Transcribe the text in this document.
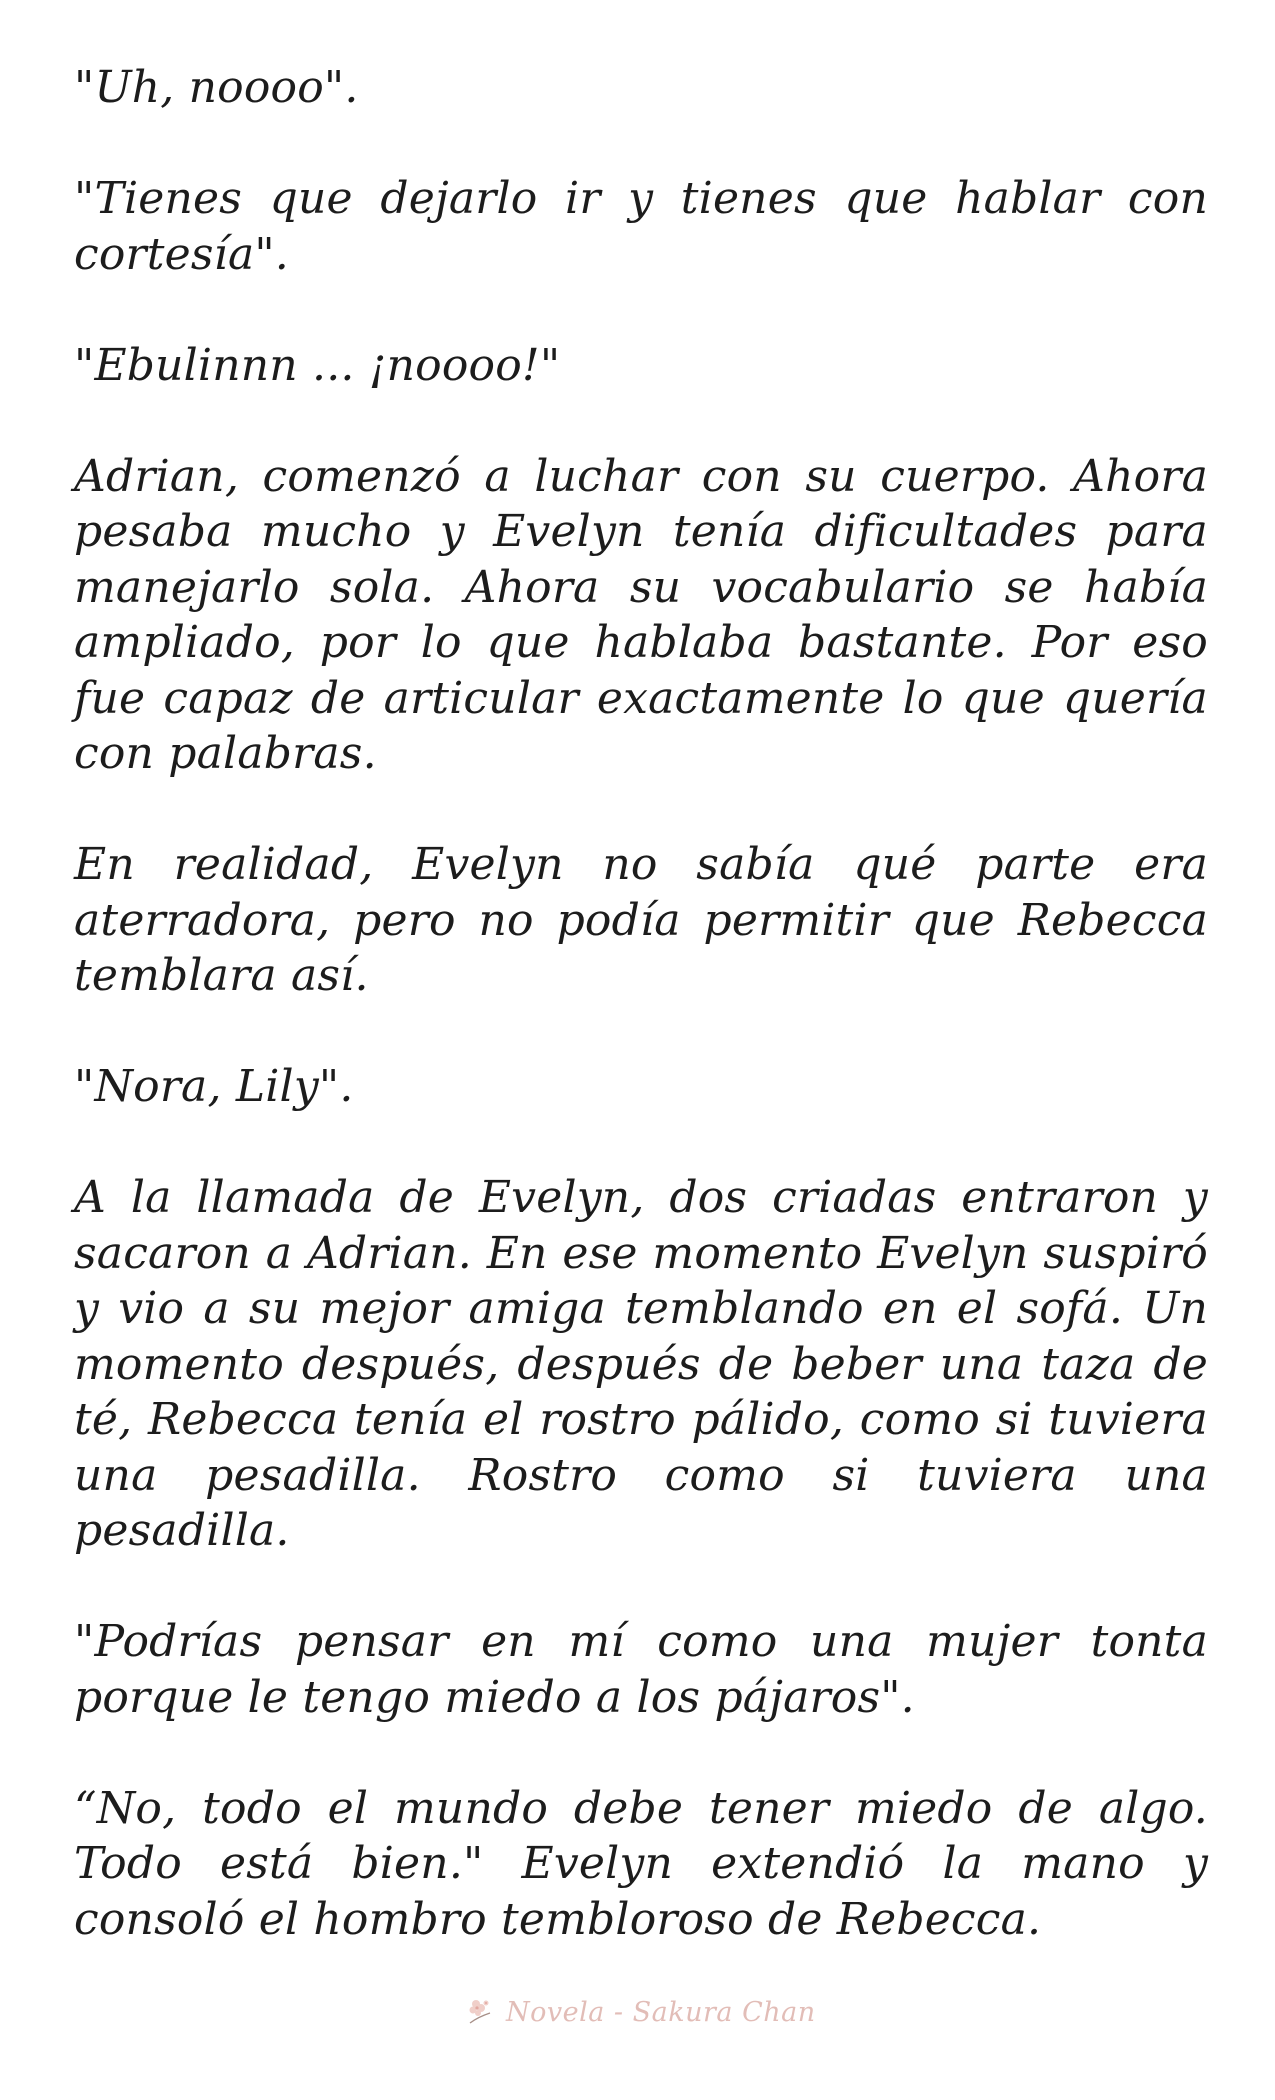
"Uh, noooo".

"Tienes que dejarlo ir y tienes que hablar con cortesía".

"Ebulinnn ... ¡noooo!"

Adrian, comenzó a luchar con su cuerpo. Ahora pesaba mucho y Evelyn tenía dificultades para manejarlo sola. Ahora su vocabulario se había ampliado, por lo que hablaba bastante. Por eso fue capaz de articular exactamente lo que quería con palabras.

En realidad, Evelyn no sabía qué parte era aterradora, pero no podía permitir que Rebecca temblara así.

"Nora, Lily".

A la llamada de Evelyn, dos criadas entraron y sacaron a Adrian. En ese momento Evelyn suspiró y vio a su mejor amiga temblando en el sofá. Un momento después, después de beber una taza de té, Rebecca tenía el rostro pálido, como si tuviera una pesadilla. Rostro como si tuviera una pesadilla.

"Podrías pensar en mí como una mujer tonta porque le tengo miedo a los pájaros".

“No, todo el mundo debe tener miedo de algo. Todo está bien." Evelyn extendió la mano y consoló el hombro tembloroso de Rebecca.

Novela - Sakura Chan
